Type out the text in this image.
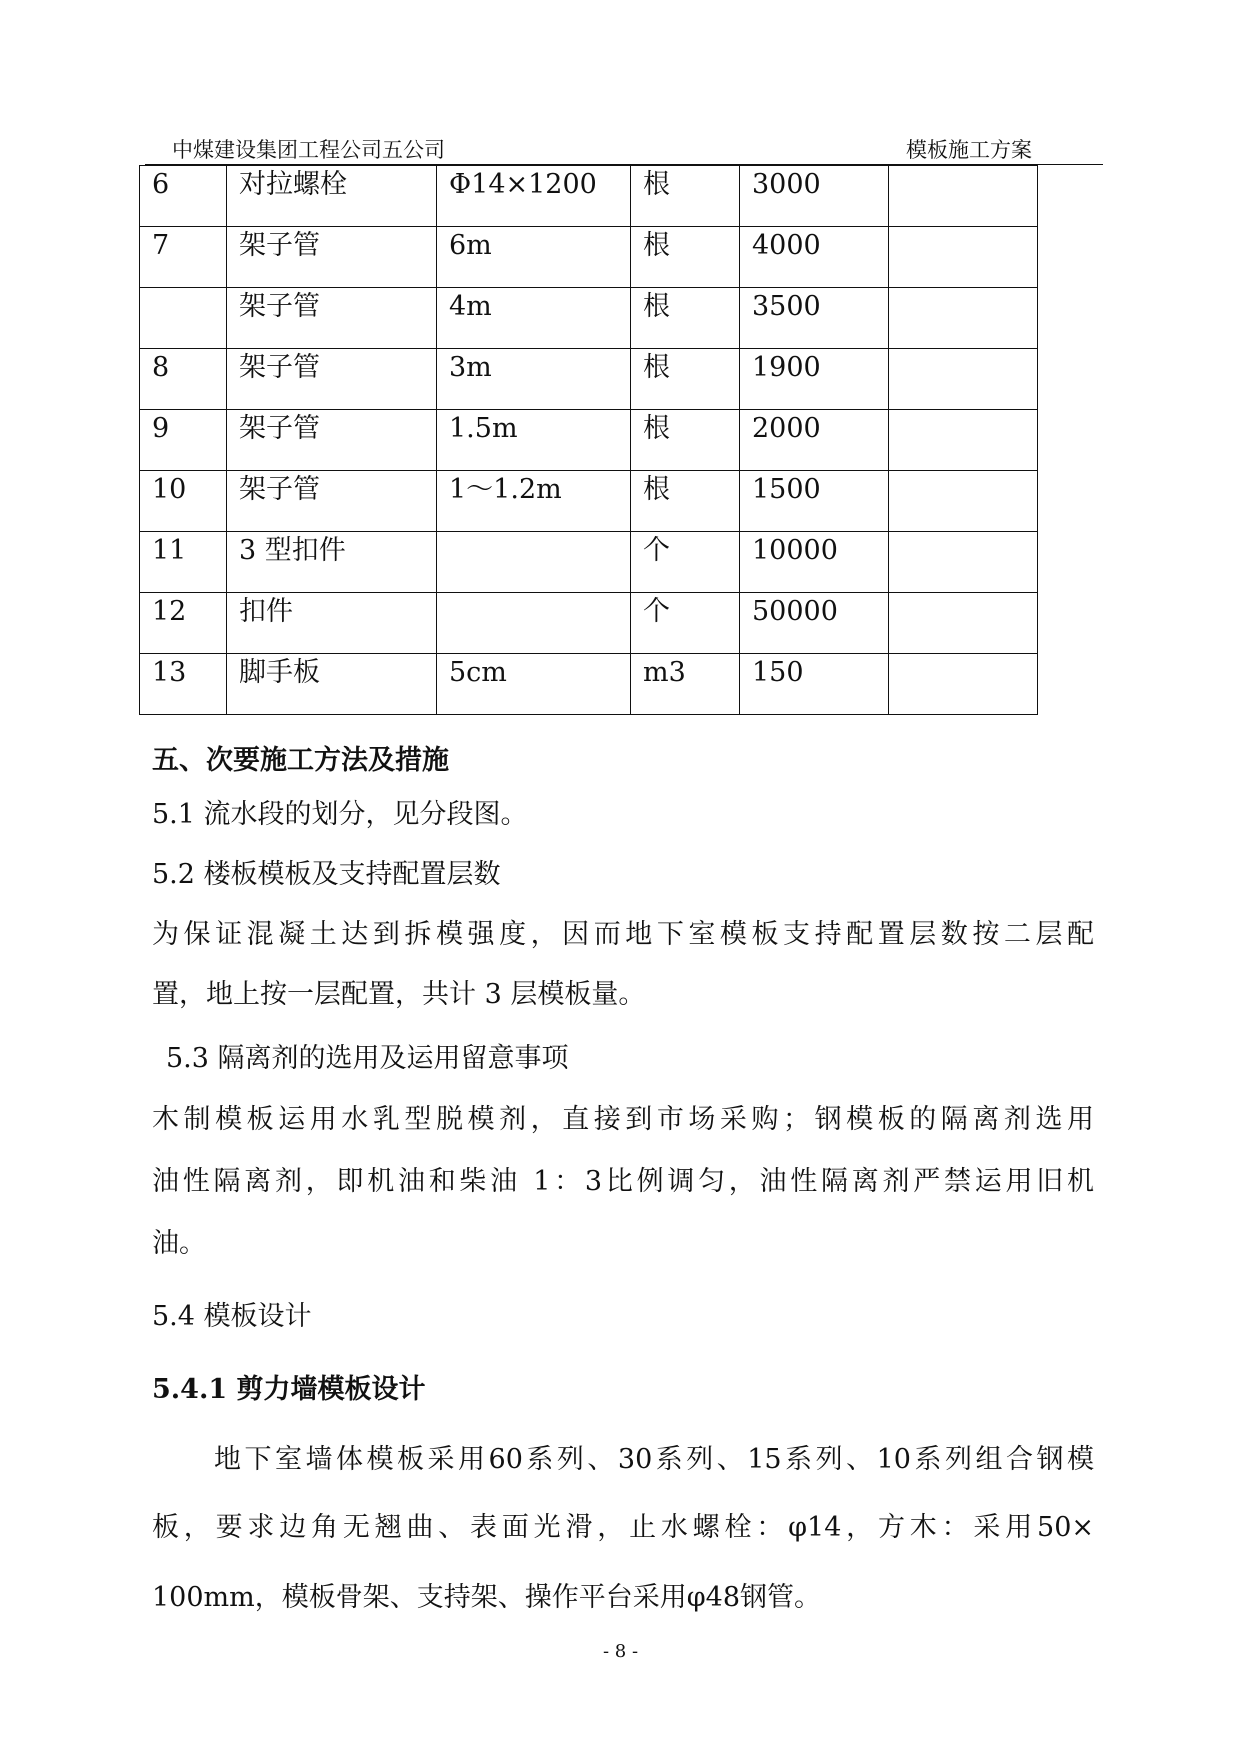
中煤建设集团工程公司五公司	模板施工方案
6	对拉螺栓	Φ14×1200	根	3000	
7	架子管	6m	根	4000	
	架子管	4m	根	3500	
8	架子管	3m	根	1900	
9	架子管	1.5m	根	2000	
10	架子管	1～1.2m	根	1500	
11	3 型扣件		个	10000	
12	扣件		个	50000	
13	脚手板	5cm	m3	150	
五、次要施工方法及措施
5.1 流水段的划分，见分段图。
5.2 楼板模板及支持配置层数
为保证混凝土达到拆模强度，因而地下室模板支持配置层数按二层配
置，地上按一层配置，共计 3 层模板量。
5.3 隔离剂的选用及运用留意事项
木制模板运用水乳型脱模剂，直接到市场采购；钢模板的隔离剂选用
油性隔离剂，即机油和柴油 1：3比例调匀，油性隔离剂严禁运用旧机
油。
5.4 模板设计
5.4.1 剪力墙模板设计
地下室墙体模板采用60系列、30系列、15系列、10系列组合钢模
板，要求边角无翘曲、表面光滑，止水螺栓：φ14，方木：采用50×
100mm，模板骨架、支持架、操作平台采用φ48钢管。
- 8 -
